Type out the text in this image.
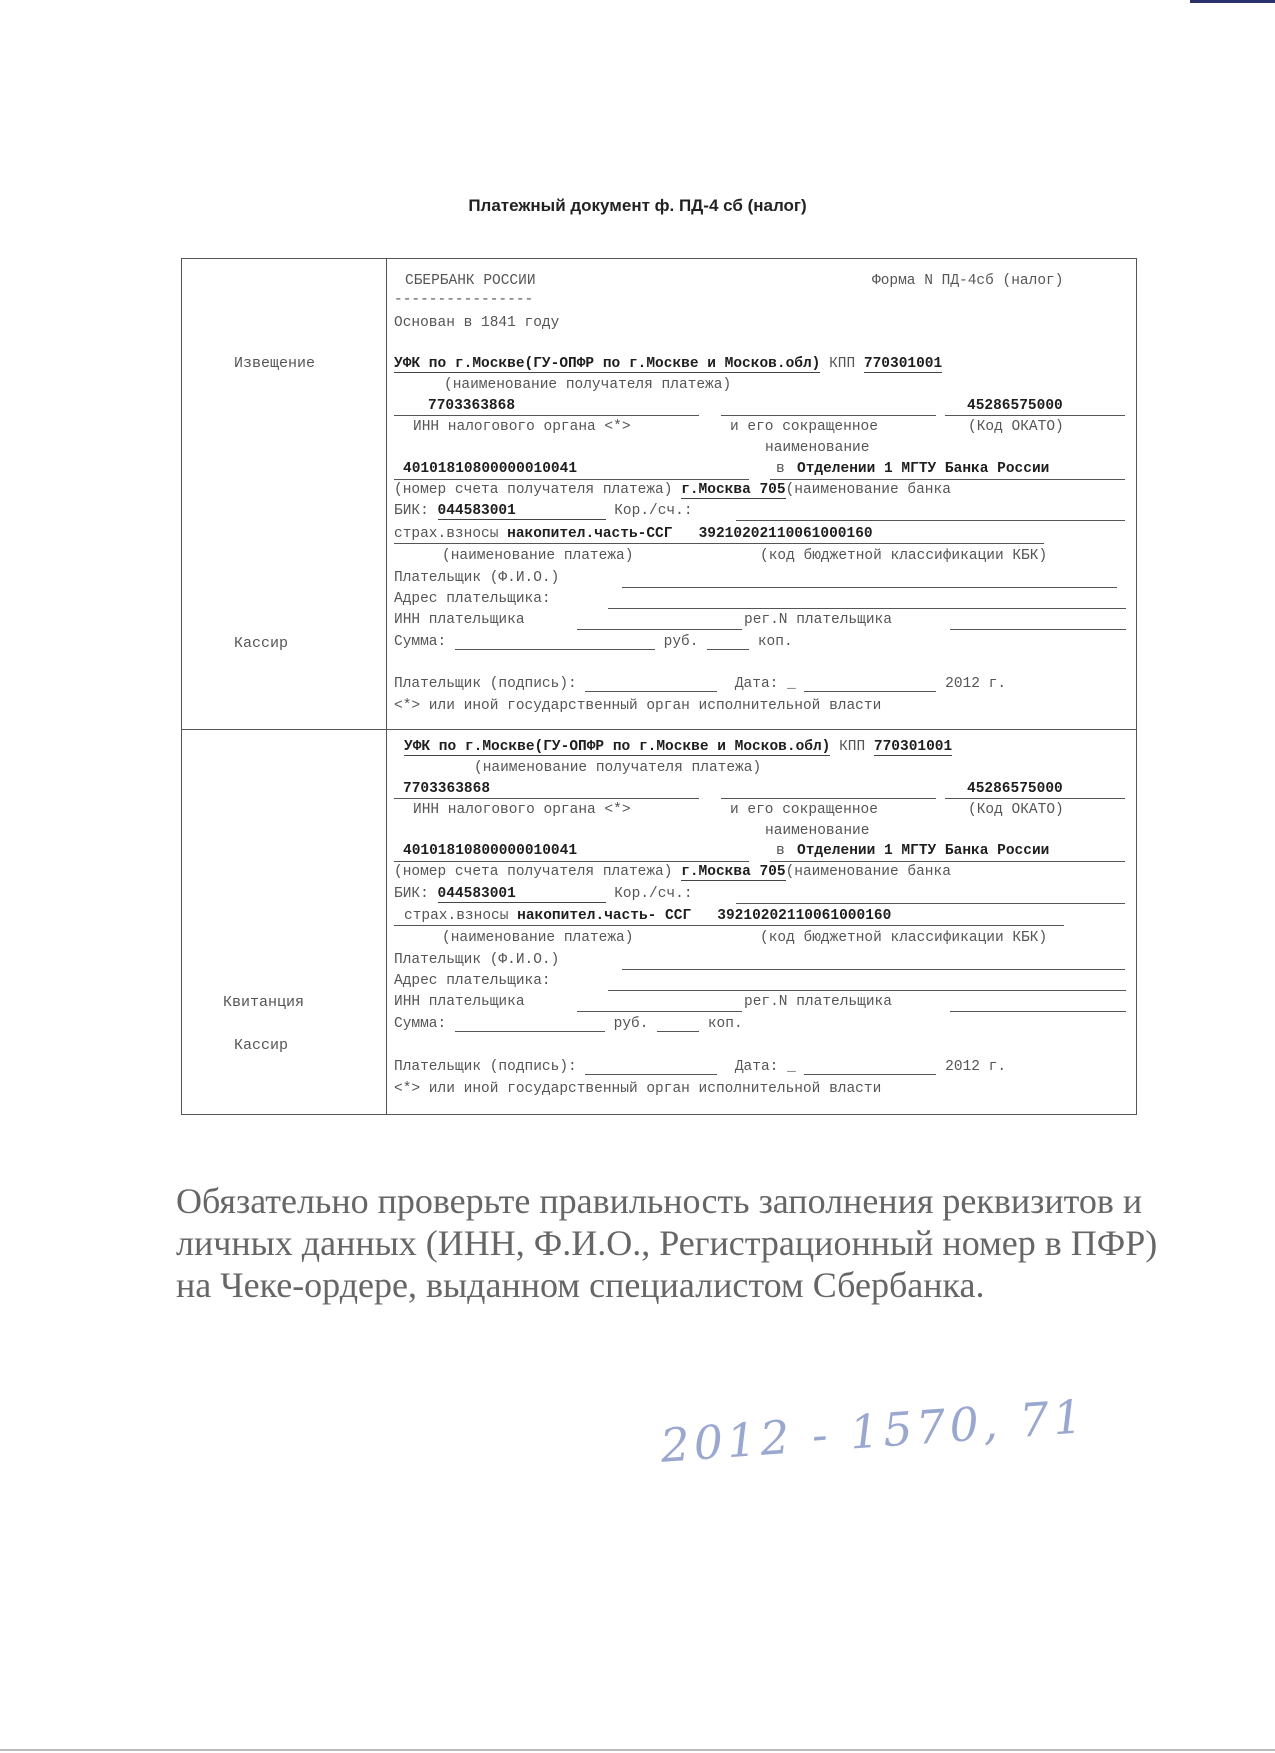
Платежный документ ф. ПД-4 сб (налог)
Извещение
Кассир
СБЕРБАНК РОССИИ	Форма N ПД-4сб (налог)
----------------
Основан в 1841 году
УФК по г.Москве(ГУ-ОПФР по г.Москве и Москов.обл) КПП 770301001
(наименование получателя платежа)
7703363868	45286575000
ИНН налогового органа <*>	и его сокращенное	(Код ОКАТО)
наименование
40101810800000010041	в Отделении 1 МГТУ Банка России
(номер счета получателя платежа) г.Москва 705(наименование банка
БИК: 044583001	Кор./сч.:
страх.взносы накопител.часть-ССГ 39210202110061000160
(наименование платежа)	(код бюджетной классификации КБК)
Плательщик (Ф.И.О.)
Адрес плательщика:
ИНН плательщика	рег.N плательщика
Сумма:	руб.	коп.
Плательщик (подпись):	Дата: _	2012 г.
<*> или иной государственный орган исполнительной власти
Квитанция
Кассир
УФК по г.Москве(ГУ-ОПФР по г.Москве и Москов.обл) КПП 770301001
(наименование получателя платежа)
7703363868	45286575000
ИНН налогового органа <*>	и его сокращенное	(Код ОКАТО)
наименование
40101810800000010041	в Отделении 1 МГТУ Банка России
(номер счета получателя платежа) г.Москва 705(наименование банка
БИК: 044583001	Кор./сч.:
страх.взносы накопител.часть- ССГ 39210202110061000160
(наименование платежа)	(код бюджетной классификации КБК)
Плательщик (Ф.И.О.)
Адрес плательщика:
ИНН плательщика	рег.N плательщика
Сумма:	руб.	коп.
Плательщик (подпись):	Дата: _	2012 г.
<*> или иной государственный орган исполнительной власти
Обязательно проверьте правильность заполнения реквизитов и личных данных (ИНН, Ф.И.О., Регистрационный номер в ПФР) на Чеке-ордере, выданном специалистом Сбербанка.
2012 - 1570, 71
